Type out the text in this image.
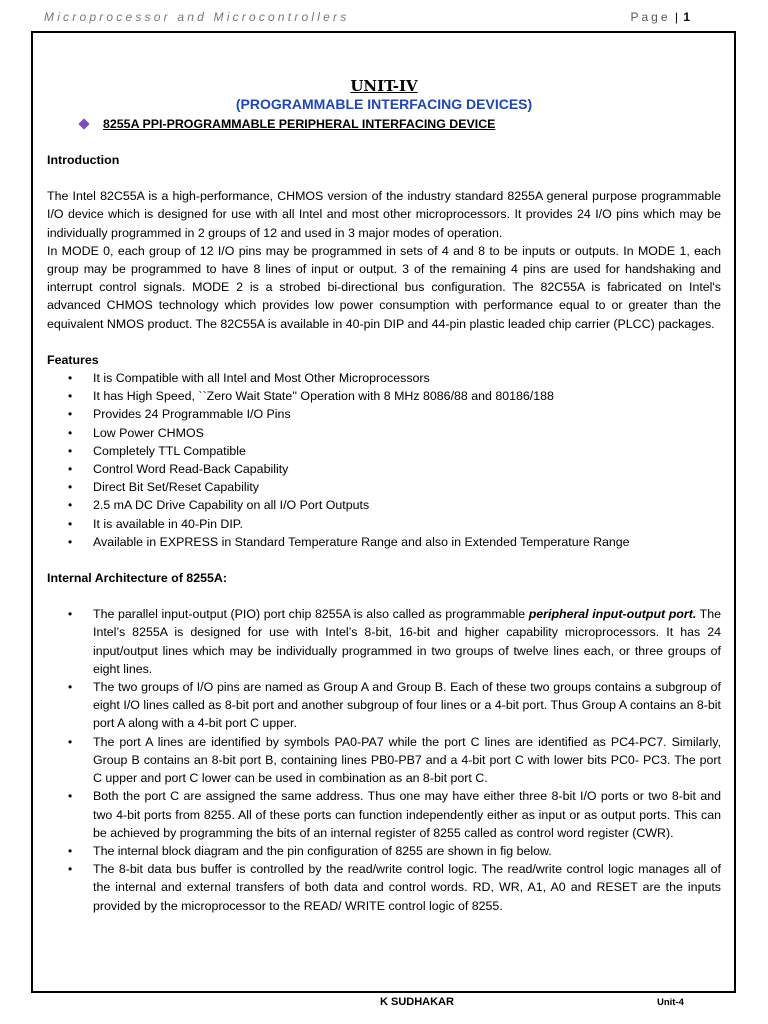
Microprocessor and Microcontrollers	Page | 1
UNIT-IV
(PROGRAMMABLE INTERFACING DEVICES)
8255A PPI-PROGRAMMABLE PERIPHERAL INTERFACING DEVICE
Introduction

The Intel 82C55A is a high-performance, CHMOS version of the industry standard 8255A general purpose programmable I/O device which is designed for use with all Intel and most other microprocessors. It provides 24 I/O pins which may be individually programmed in 2 groups of 12 and used in 3 major modes of operation.

In MODE 0, each group of 12 I/O pins may be programmed in sets of 4 and 8 to be inputs or outputs. In MODE 1, each group may be programmed to have 8 lines of input or output. 3 of the remaining 4 pins are used for handshaking and interrupt control signals. MODE 2 is a strobed bi-directional bus configuration. The 82C55A is fabricated on Intel's advanced CHMOS technology which provides low power consumption with performance equal to or greater than the equivalent NMOS product. The 82C55A is available in 40-pin DIP and 44-pin plastic leaded chip carrier (PLCC) packages.

Features
• It is Compatible with all Intel and Most Other Microprocessors
• It has High Speed, ``Zero Wait State'' Operation with 8 MHz 8086/88 and 80186/188
• Provides 24 Programmable I/O Pins
• Low Power CHMOS
• Completely TTL Compatible
• Control Word Read-Back Capability
• Direct Bit Set/Reset Capability
• 2.5 mA DC Drive Capability on all I/O Port Outputs
• It is available in 40-Pin DIP.
• Available in EXPRESS in Standard Temperature Range and also in Extended Temperature Range
Internal Architecture of 8255A:
• The parallel input-output (PIO) port chip 8255A is also called as programmable peripheral input-output port. The Intel’s 8255A is designed for use with Intel’s 8-bit, 16-bit and higher capability microprocessors. It has 24 input/output lines which may be individually programmed in two groups of twelve lines each, or three groups of eight lines.
• The two groups of I/O pins are named as Group A and Group B. Each of these two groups contains a subgroup of eight I/O lines called as 8-bit port and another subgroup of four lines or a 4-bit port. Thus Group A contains an 8-bit port A along with a 4-bit port C upper.
• The port A lines are identified by symbols PA0-PA7 while the port C lines are identified as PC4-PC7. Similarly, Group B contains an 8-bit port B, containing lines PB0-PB7 and a 4-bit port C with lower bits PC0- PC3. The port C upper and port C lower can be used in combination as an 8-bit port C.
• Both the port C are assigned the same address. Thus one may have either three 8-bit I/O ports or two 8-bit and two 4-bit ports from 8255. All of these ports can function independently either as input or as output ports. This can be achieved by programming the bits of an internal register of 8255 called as control word register (CWR).
• The internal block diagram and the pin configuration of 8255 are shown in fig below.
• The 8-bit data bus buffer is controlled by the read/write control logic. The read/write control logic manages all of the internal and external transfers of both data and control words. RD, WR, A1, A0 and RESET are the inputs provided by the microprocessor to the READ/ WRITE control logic of 8255.
K SUDHAKAR	Unit-4
